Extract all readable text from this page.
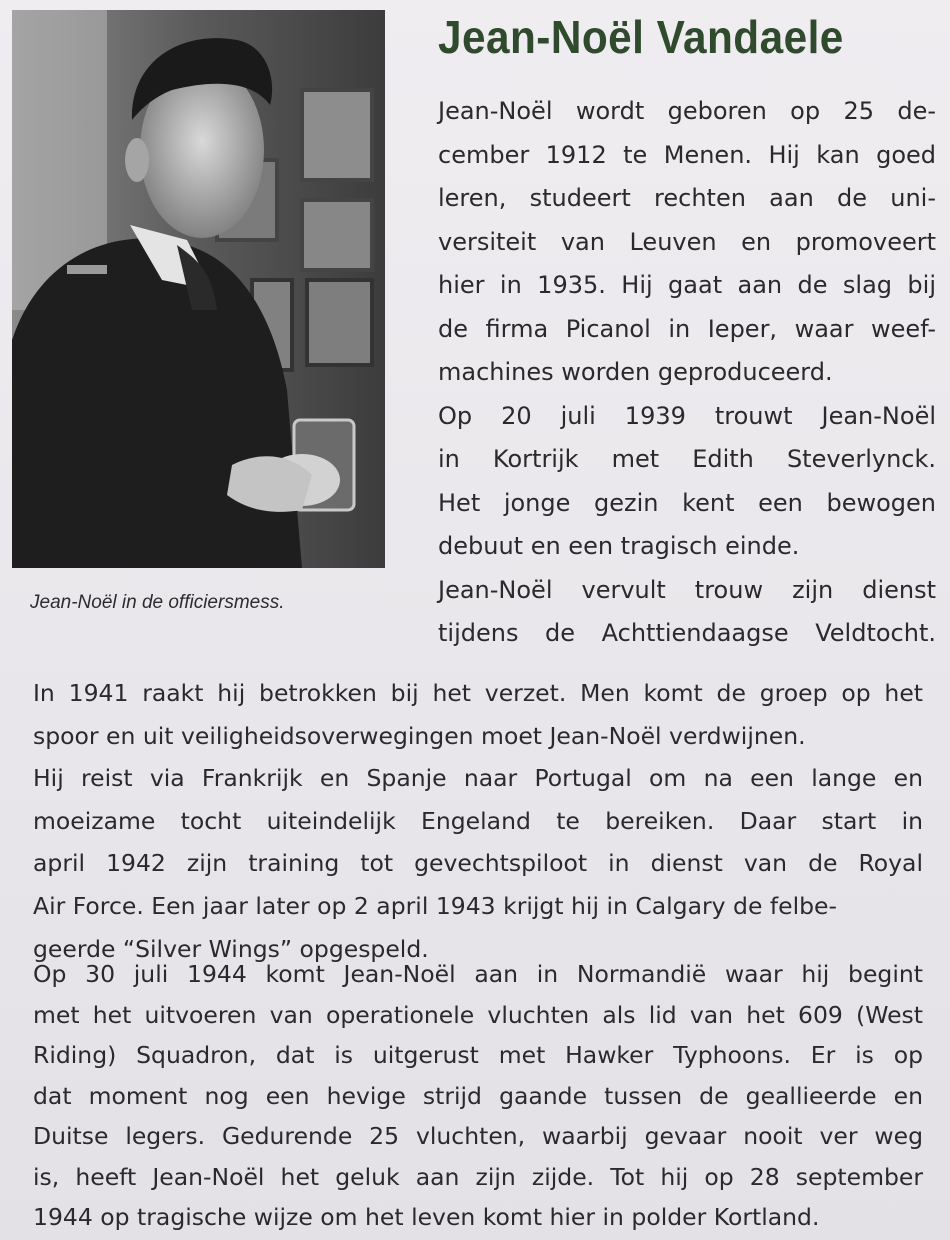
Jean-Noël in de officiersmess.
Jean-Noël Vandaele
Jean-Noël wordt geboren op 25 de-
cember 1912 te Menen. Hij kan goed
leren, studeert rechten aan de uni-
versiteit van Leuven en promoveert
hier in 1935. Hij gaat aan de slag bij
de firma Picanol in Ieper, waar weef-
machines worden geproduceerd.
Op 20 juli 1939 trouwt Jean-Noël
in Kortrijk met Edith Steverlynck.
Het jonge gezin kent een bewogen
debuut en een tragisch einde.
Jean-Noël vervult trouw zijn dienst
tijdens de Achttiendaagse Veldtocht.
In 1941 raakt hij betrokken bij het verzet. Men komt de groep op het
spoor en uit veiligheidsoverwegingen moet Jean-Noël verdwijnen.
Hij reist via Frankrijk en Spanje naar Portugal om na een lange en
moeizame tocht uiteindelijk Engeland te bereiken. Daar start in
april 1942 zijn training tot gevechtspiloot in dienst van de Royal
Air Force. Een jaar later op 2 april 1943 krijgt hij in Calgary de felbe-
geerde “Silver Wings” opgespeld.
Op 30 juli 1944 komt Jean-Noël aan in Normandië waar hij begint
met het uitvoeren van operationele vluchten als lid van het 609 (West
Riding) Squadron, dat is uitgerust met Hawker Typhoons. Er is op
dat moment nog een hevige strijd gaande tussen de geallieerde en
Duitse legers. Gedurende 25 vluchten, waarbij gevaar nooit ver weg
is, heeft Jean-Noël het geluk aan zijn zijde. Tot hij op 28 september
1944 op tragische wijze om het leven komt hier in polder Kortland.
